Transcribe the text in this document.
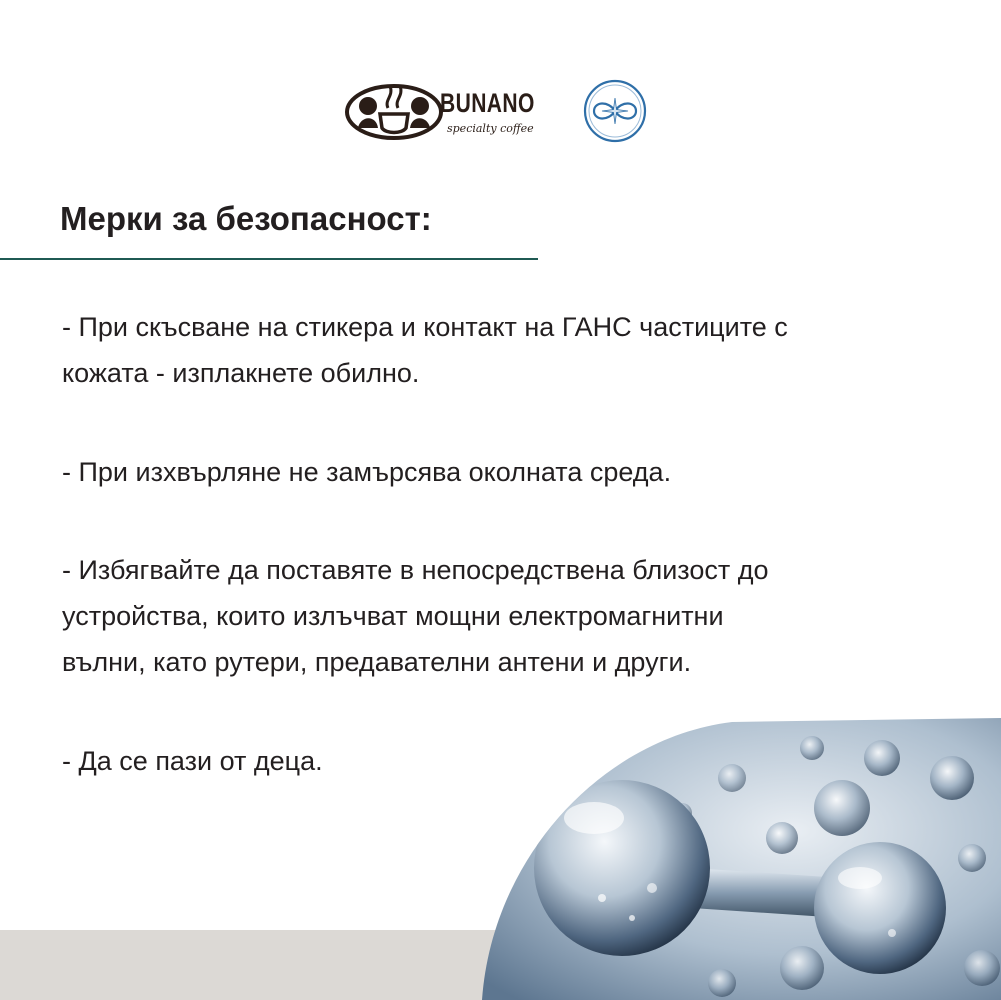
BUNANO
specialty coffee
Мерки за безопасност:

- При скъсване на стикера и контакт на ГАНС частиците с
кожата - изплакнете обилно.

- При изхвърляне не замърсява околната среда.

- Избягвайте да поставяте в непосредствена близост до
устройства, които излъчват мощни електромагнитни
вълни, като рутери, предавателни антени и други.

- Да се пази от деца.
